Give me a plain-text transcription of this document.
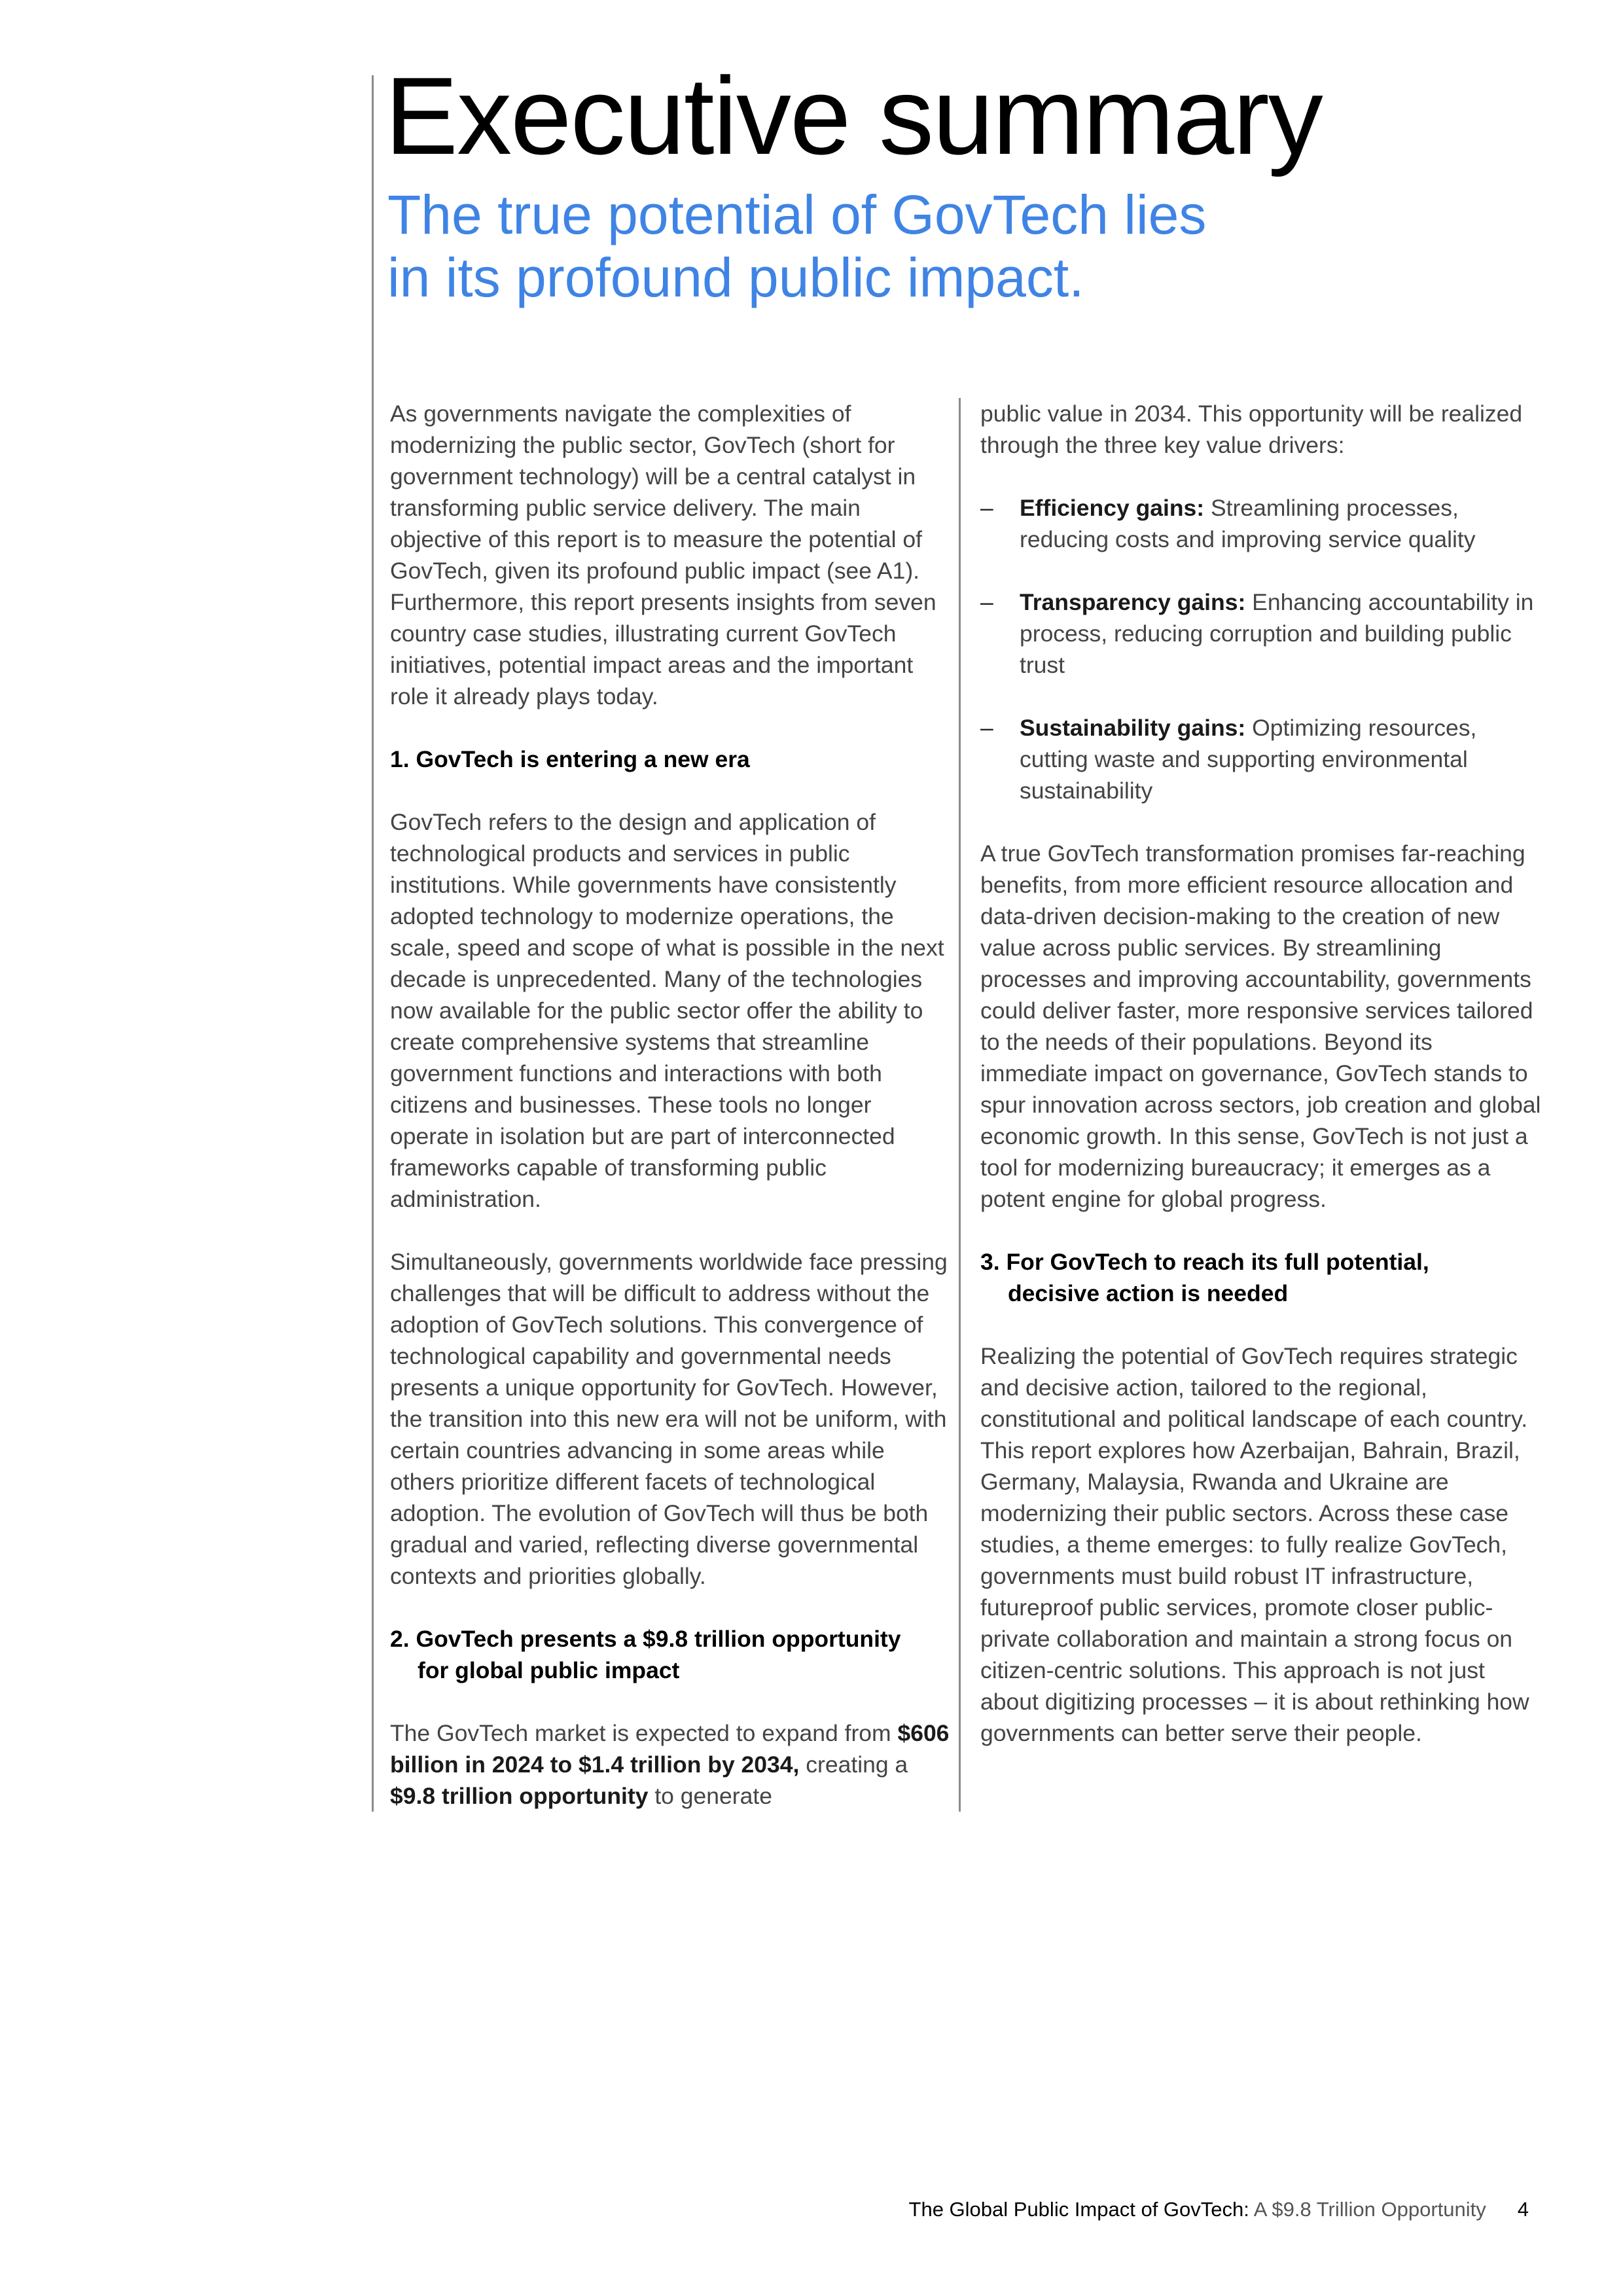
Executive summary
The true potential of GovTech lies
in its profound public impact.

As governments navigate the complexities of modernizing the public sector, GovTech (short for government technology) will be a central catalyst in transforming public service delivery. The main objective of this report is to measure the potential of GovTech, given its profound public impact (see A1). Furthermore, this report presents insights from seven country case studies, illustrating current GovTech initiatives, potential impact areas and the important role it already plays today.

1. GovTech is entering a new era

GovTech refers to the design and application of technological products and services in public institutions. While governments have consistently adopted technology to modernize operations, the scale, speed and scope of what is possible in the next decade is unprecedented. Many of the technologies now available for the public sector offer the ability to create comprehensive systems that streamline government functions and interactions with both citizens and businesses. These tools no longer operate in isolation but are part of interconnected frameworks capable of transforming public administration.

Simultaneously, governments worldwide face pressing challenges that will be difficult to address without the adoption of GovTech solutions. This convergence of technological capability and governmental needs presents a unique opportunity for GovTech. However, the transition into this new era will not be uniform, with certain countries advancing in some areas while others prioritize different facets of technological adoption. The evolution of GovTech will thus be both gradual and varied, reflecting diverse governmental contexts and priorities globally.

2. GovTech presents a $9.8 trillion opportunity
for global public impact

The GovTech market is expected to expand from $606 billion in 2024 to $1.4 trillion by 2034, creating a $9.8 trillion opportunity to generate

public value in 2034. This opportunity will be realized through the three key value drivers:

– Efficiency gains: Streamlining processes, reducing costs and improving service quality
– Transparency gains: Enhancing accountability in process, reducing corruption and building public trust
– Sustainability gains: Optimizing resources, cutting waste and supporting environmental sustainability

A true GovTech transformation promises far-reaching benefits, from more efficient resource allocation and data-driven decision-making to the creation of new value across public services. By streamlining processes and improving accountability, governments could deliver faster, more responsive services tailored to the needs of their populations. Beyond its immediate impact on governance, GovTech stands to spur innovation across sectors, job creation and global economic growth. In this sense, GovTech is not just a tool for modernizing bureaucracy; it emerges as a potent engine for global progress.

3. For GovTech to reach its full potential,
decisive action is needed

Realizing the potential of GovTech requires strategic and decisive action, tailored to the regional, constitutional and political landscape of each country. This report explores how Azerbaijan, Bahrain, Brazil, Germany, Malaysia, Rwanda and Ukraine are modernizing their public sectors. Across these case studies, a theme emerges: to fully realize GovTech, governments must build robust IT infrastructure, futureproof public services, promote closer public-private collaboration and maintain a strong focus on citizen-centric solutions. This approach is not just about digitizing processes – it is about rethinking how governments can better serve their people.

The Global Public Impact of GovTech: A $9.8 Trillion Opportunity 4
